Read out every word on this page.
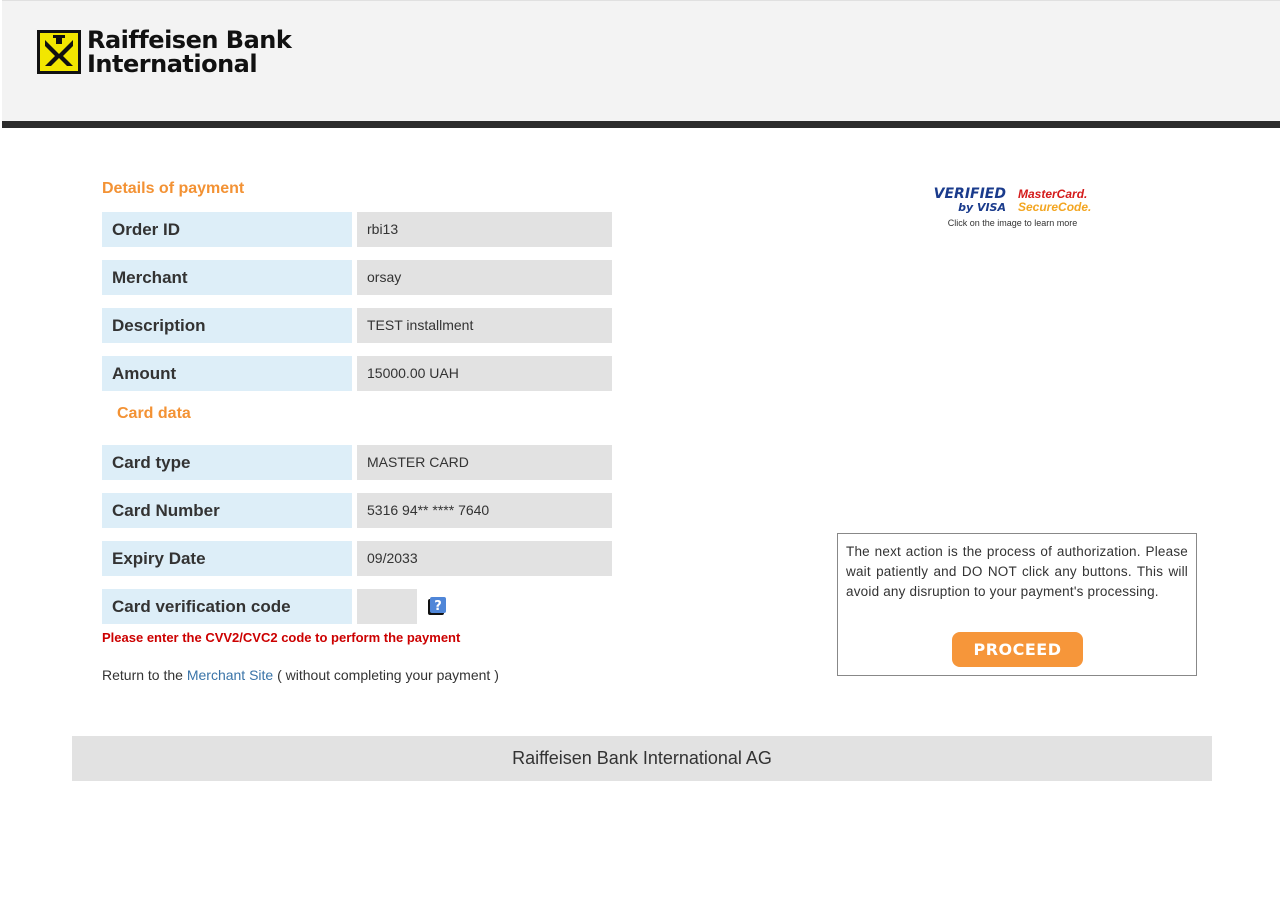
Raiffeisen Bank
International
Details of payment
Order ID	rbi13
Merchant	orsay
Description	TEST installment
Amount	15000.00 UAH
Card data
Card type	MASTER CARD
Card Number	5316 94** **** 7640
Expiry Date	09/2033
Card verification code	?
Please enter the CVV2/CVC2 code to perform the payment
Return to the Merchant Site ( without completing your payment )
VERIFIED
by VISA
MasterCard.
SecureCode.
Click on the image to learn more
The next action is the process of authorization. Please wait patiently and DO NOT click any buttons. This will avoid any disruption to your payment's processing.
PROCEED
Raiffeisen Bank International AG
